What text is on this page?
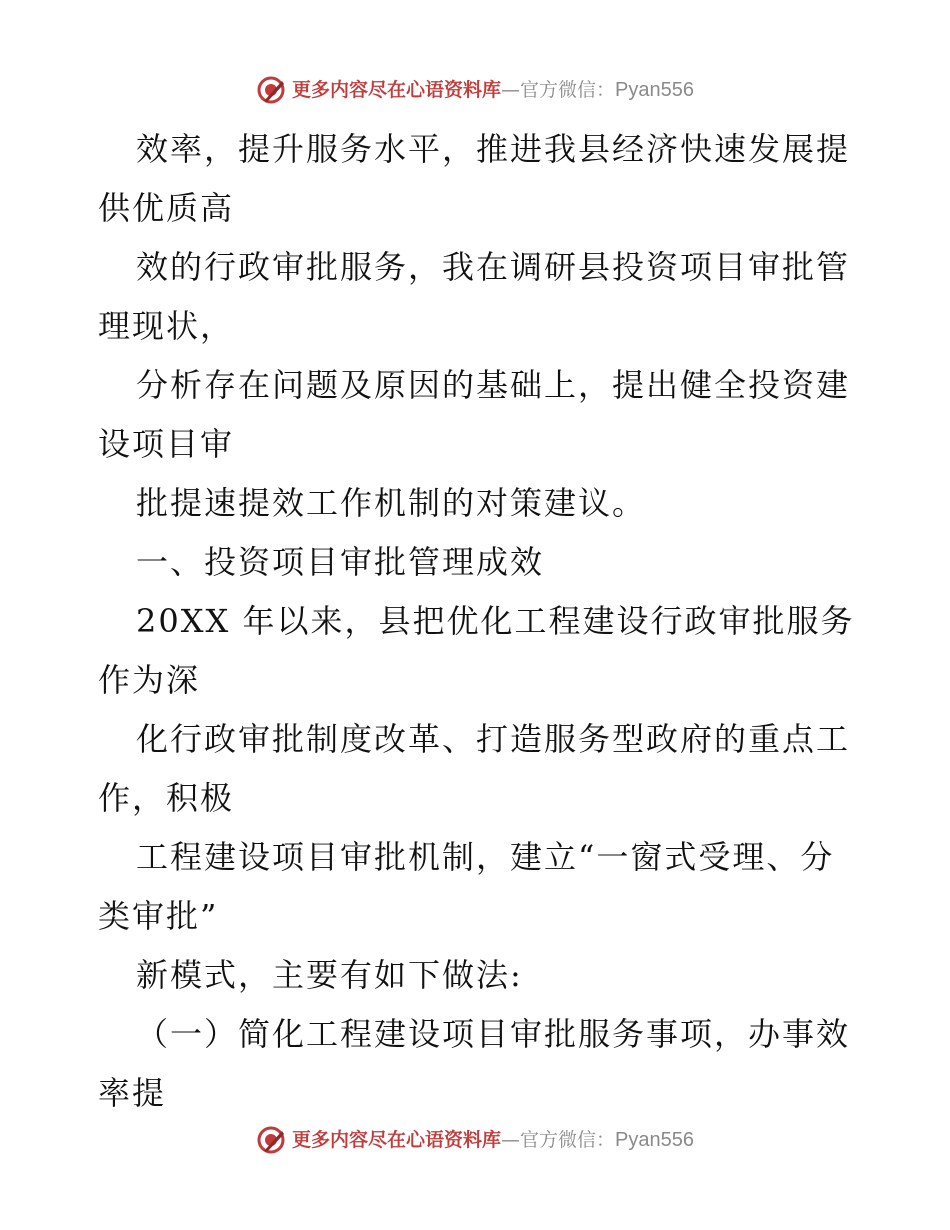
更多内容尽在心语资料库 — 官方微信： Pyan556
效率，提升服务水平，推进我县经济快速发展提
供优质高
效的行政审批服务，我在调研县投资项目审批管
理现状，
分析存在问题及原因的基础上，提出健全投资建
设项目审
批提速提效工作机制的对策建议。
一、投资项目审批管理成效
20XX 年以来，县把优化工程建设行政审批服务
作为深
化行政审批制度改革、打造服务型政府的重点工
作，积极
工程建设项目审批机制，建立“一窗式受理、分
类审批”
新模式，主要有如下做法:
（一）简化工程建设项目审批服务事项，办事效
率提
更多内容尽在心语资料库 — 官方微信： Pyan556
